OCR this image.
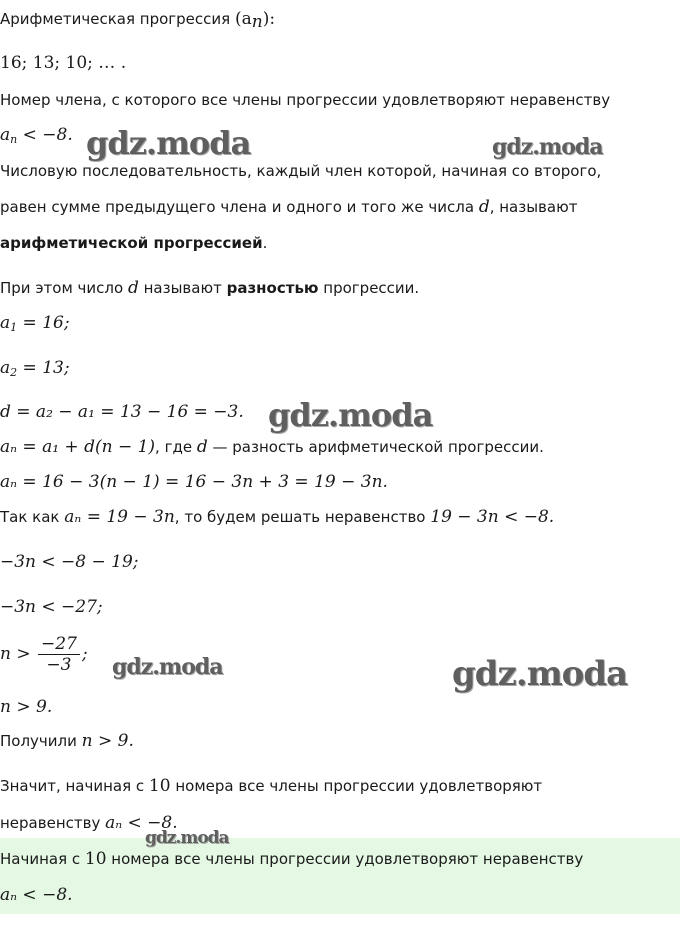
Арифметическая прогрессия $(a_n)$:
16; 13; 10; … .
Номер члена, с которого все члены прогрессии удовлетворяют неравенству
$a_n < -8$.
Числовую последовательность, каждый член которой, начиная со второго,
равен сумме предыдущего члена и одного и того же числа d, называют
арифметической прогрессией.
При этом число d называют разностью прогрессии.
$a_1 = 16$;
$a_2 = 13$;
d = a₂ − a₁ = 13 − 16 = −3.
aₙ = a₁ + d(n − 1), где d — разность арифметической прогрессии.
aₙ = 16 − 3(n − 1) = 16 − 3n + 3 = 19 − 3n.
Так как aₙ = 19 − 3n, то будем решать неравенство 19 − 3n < −8.
−3n < −8 − 19;
−3n < −27;
$n > \frac{-27}{-3}$ ;
n > 9.
Получили n > 9.
Значит, начиная с 10 номера все члены прогрессии удовлетворяют
неравенству aₙ < −8.
Начиная с 10 номера все члены прогрессии удовлетворяют неравенству
aₙ < −8.
gdz.moda	gdz.moda
gdz.moda
gdz.moda	gdz.moda
gdz.moda
